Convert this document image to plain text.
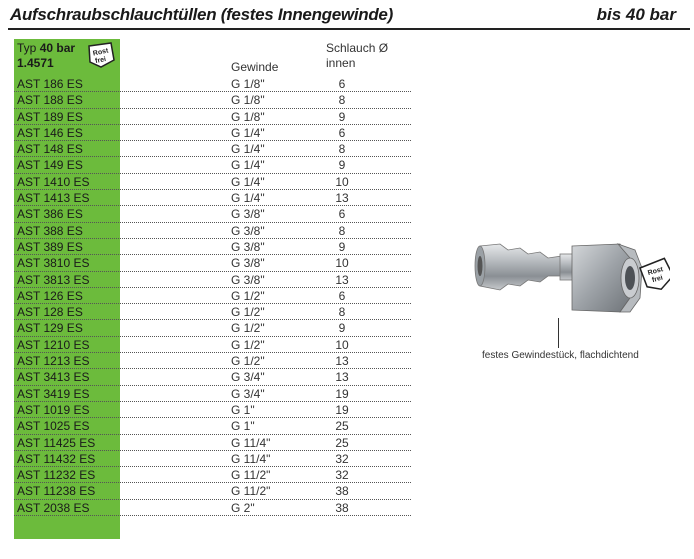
Aufschraubschlauchtüllen (festes Innengewinde)	bis 40 bar
Typ 40 bar
1.4571
Rost
frei	Gewinde
Schlauch Ø
innen
AST 186 ES	G 1/8"	6
AST 188 ES	G 1/8"	8
AST 189 ES	G 1/8"	9
AST 146 ES	G 1/4"	6
AST 148 ES	G 1/4"	8
AST 149 ES	G 1/4"	9
AST 1410 ES	G 1/4"	10
AST 1413 ES	G 1/4"	13
AST 386 ES	G 3/8"	6
AST 388 ES	G 3/8"	8
AST 389 ES	G 3/8"	9
AST 3810 ES	G 3/8"	10
AST 3813 ES	G 3/8"	13
AST 126 ES	G 1/2"	6
AST 128 ES	G 1/2"	8
AST 129 ES	G 1/2"	9
AST 1210 ES	G 1/2"	10
AST 1213 ES	G 1/2"	13
AST 3413 ES	G 3/4"	13
AST 3419 ES	G 3/4"	19
AST 1019 ES	G 1"	19
AST 1025 ES	G 1"	25
AST 11425 ES	G 11/4"	25
AST 11432 ES	G 11/4"	32
AST 11232 ES	G 11/2"	32
AST 11238 ES	G 11/2"	38
AST 2038 ES	G 2"	38
Rost
frei
festes Gewindestück, flachdichtend
